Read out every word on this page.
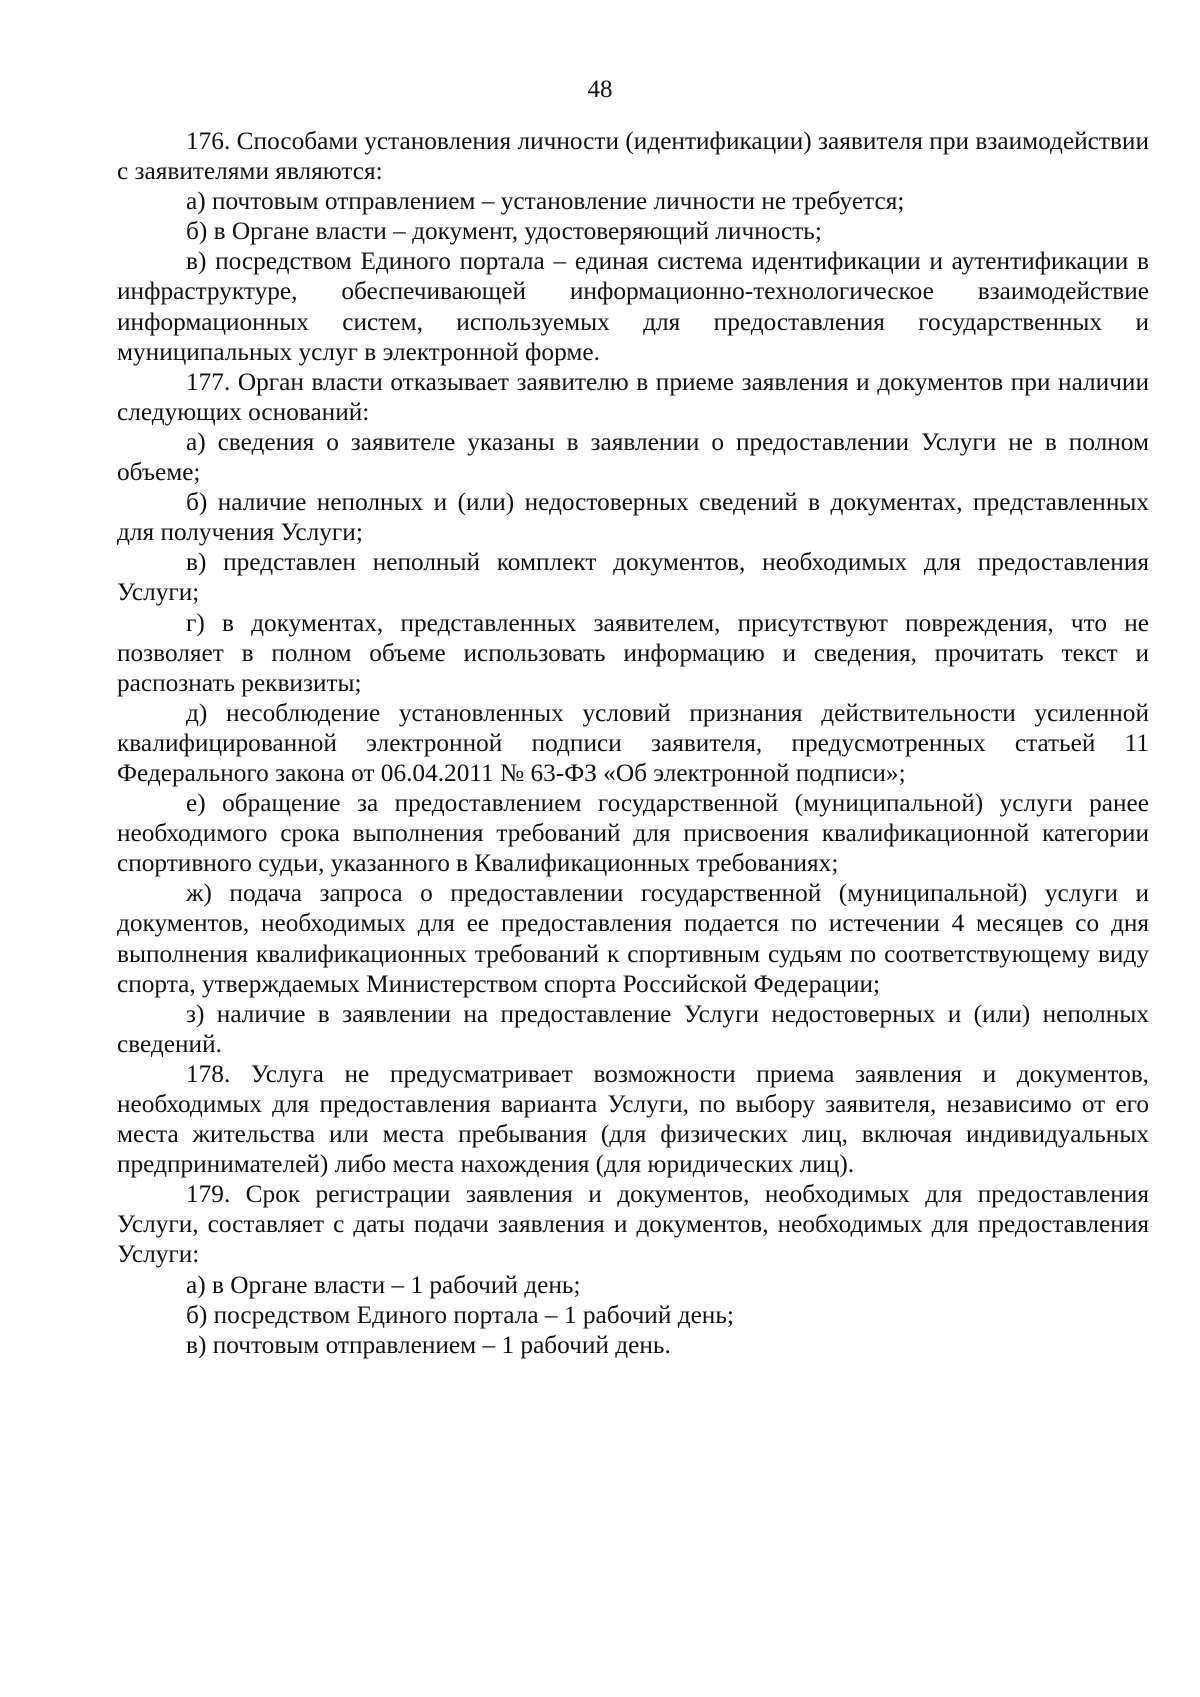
48

176. Способами установления личности (идентификации) заявителя при взаимодействии с заявителями являются:

а) почтовым отправлением – установление личности не требуется;

б) в Органе власти – документ, удостоверяющий личность;

в) посредством Единого портала – единая система идентификации и аутентификации в инфраструктуре, обеспечивающей информационно-технологическое взаимодействие информационных систем, используемых для предоставления государственных и муниципальных услуг в электронной форме.

177. Орган власти отказывает заявителю в приеме заявления и документов при наличии следующих оснований:

а) сведения о заявителе указаны в заявлении о предоставлении Услуги не в полном объеме;

б) наличие неполных и (или) недостоверных сведений в документах, представленных для получения Услуги;

в) представлен неполный комплект документов, необходимых для предоставления Услуги;

г) в документах, представленных заявителем, присутствуют повреждения, что не позволяет в полном объеме использовать информацию и сведения, прочитать текст и распознать реквизиты;

д) несоблюдение установленных условий признания действительности усиленной квалифицированной электронной подписи заявителя, предусмотренных статьей 11 Федерального закона от 06.04.2011 № 63-ФЗ «Об электронной подписи»;

е) обращение за предоставлением государственной (муниципальной) услуги ранее необходимого срока выполнения требований для присвоения квалификационной категории спортивного судьи, указанного в Квалификационных требованиях;

ж) подача запроса о предоставлении государственной (муниципальной) услуги и документов, необходимых для ее предоставления подается по истечении 4 месяцев со дня выполнения квалификационных требований к спортивным судьям по соответствующему виду спорта, утверждаемых Министерством спорта Российской Федерации;

з) наличие в заявлении на предоставление Услуги недостоверных и (или) неполных сведений.

178. Услуга не предусматривает возможности приема заявления и документов, необходимых для предоставления варианта Услуги, по выбору заявителя, независимо от его места жительства или места пребывания (для физических лиц, включая индивидуальных предпринимателей) либо места нахождения (для юридических лиц).

179. Срок регистрации заявления и документов, необходимых для предоставления Услуги, составляет с даты подачи заявления и документов, необходимых для предоставления Услуги:

а) в Органе власти – 1 рабочий день;

б) посредством Единого портала – 1 рабочий день;

в) почтовым отправлением – 1 рабочий день.
